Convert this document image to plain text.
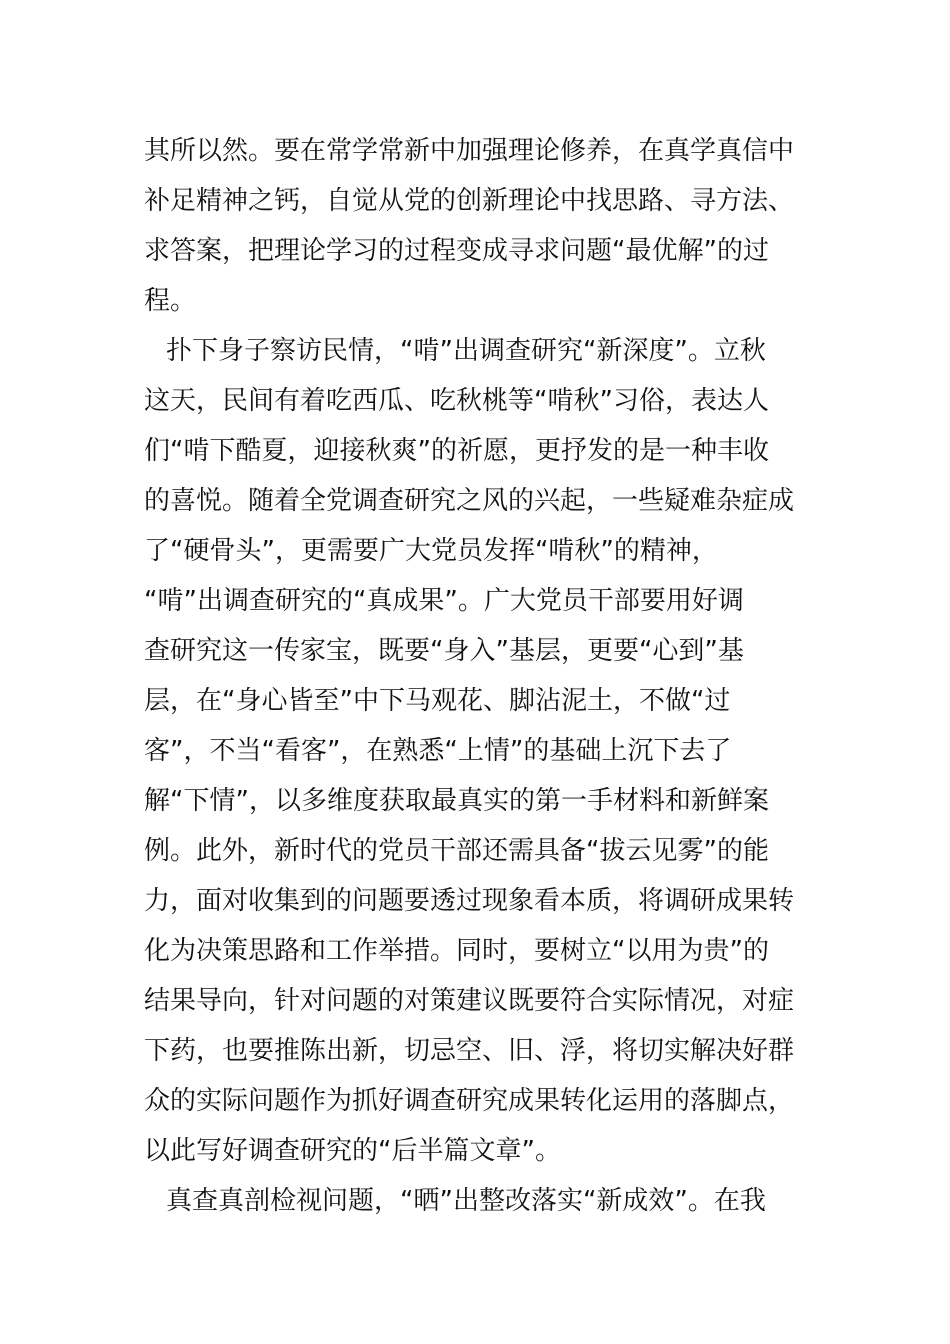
其所以然。要在常学常新中加强理论修养，在真学真信中
补足精神之钙，自觉从党的创新理论中找思路、寻方法、
求答案，把理论学习的过程变成寻求问题“最优解”的过
程。
扑下身子察访民情，“啃”出调查研究“新深度”。立秋
这天，民间有着吃西瓜、吃秋桃等“啃秋”习俗，表达人
们“啃下酷夏，迎接秋爽”的祈愿，更抒发的是一种丰收
的喜悦。随着全党调查研究之风的兴起，一些疑难杂症成
了“硬骨头”，更需要广大党员发挥“啃秋”的精神，
“啃”出调查研究的“真成果”。广大党员干部要用好调
查研究这一传家宝，既要“身入”基层，更要“心到”基
层，在“身心皆至”中下马观花、脚沾泥土，不做“过
客”，不当“看客”，在熟悉“上情”的基础上沉下去了
解“下情”，以多维度获取最真实的第一手材料和新鲜案
例。此外，新时代的党员干部还需具备“拔云见雾”的能
力，面对收集到的问题要透过现象看本质，将调研成果转
化为决策思路和工作举措。同时，要树立“以用为贵”的
结果导向，针对问题的对策建议既要符合实际情况，对症
下药，也要推陈出新，切忌空、旧、浮，将切实解决好群
众的实际问题作为抓好调查研究成果转化运用的落脚点，
以此写好调查研究的“后半篇文章”。
真查真剖检视问题，“晒”出整改落实“新成效”。在我
